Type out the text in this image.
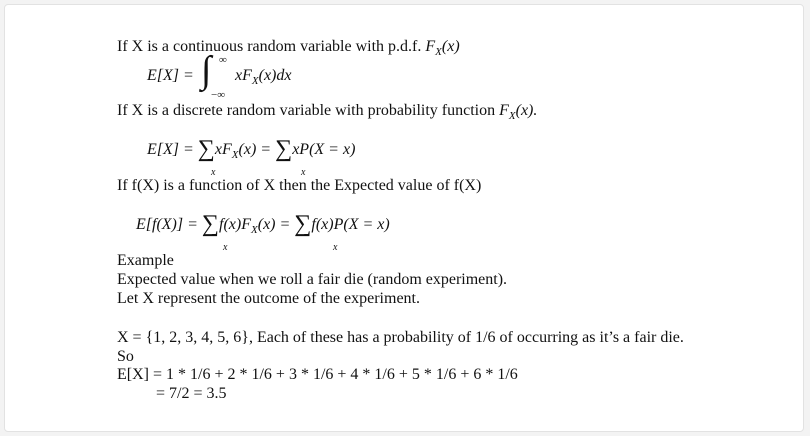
If X is a continuous random variable with p.d.f. $F_X(x)$
E[X] = ∫ ∞
−∞
$xF_X(x)dx$
If X is a discrete random variable with probability function $F_X(x)$.
$E[X] = \sum xF_X(x) = \sum xP(X = x)$
x	x
If f(X) is a function of X then the Expected value of f(X)
$E[f(X)] = \sum f(x)F_X(x) = \sum f(x)P(X = x)$
x	x
Example
Expected value when we roll a fair die (random experiment).
Let X represent the outcome of the experiment.
X = {1, 2, 3, 4, 5, 6}, Each of these has a probability of 1/6 of occurring as it’s a fair die.
So
E[X] = 1 * 1/6 + 2 * 1/6 + 3 * 1/6 + 4 * 1/6 + 5 * 1/6 + 6 * 1/6
= 7/2 = 3.5
